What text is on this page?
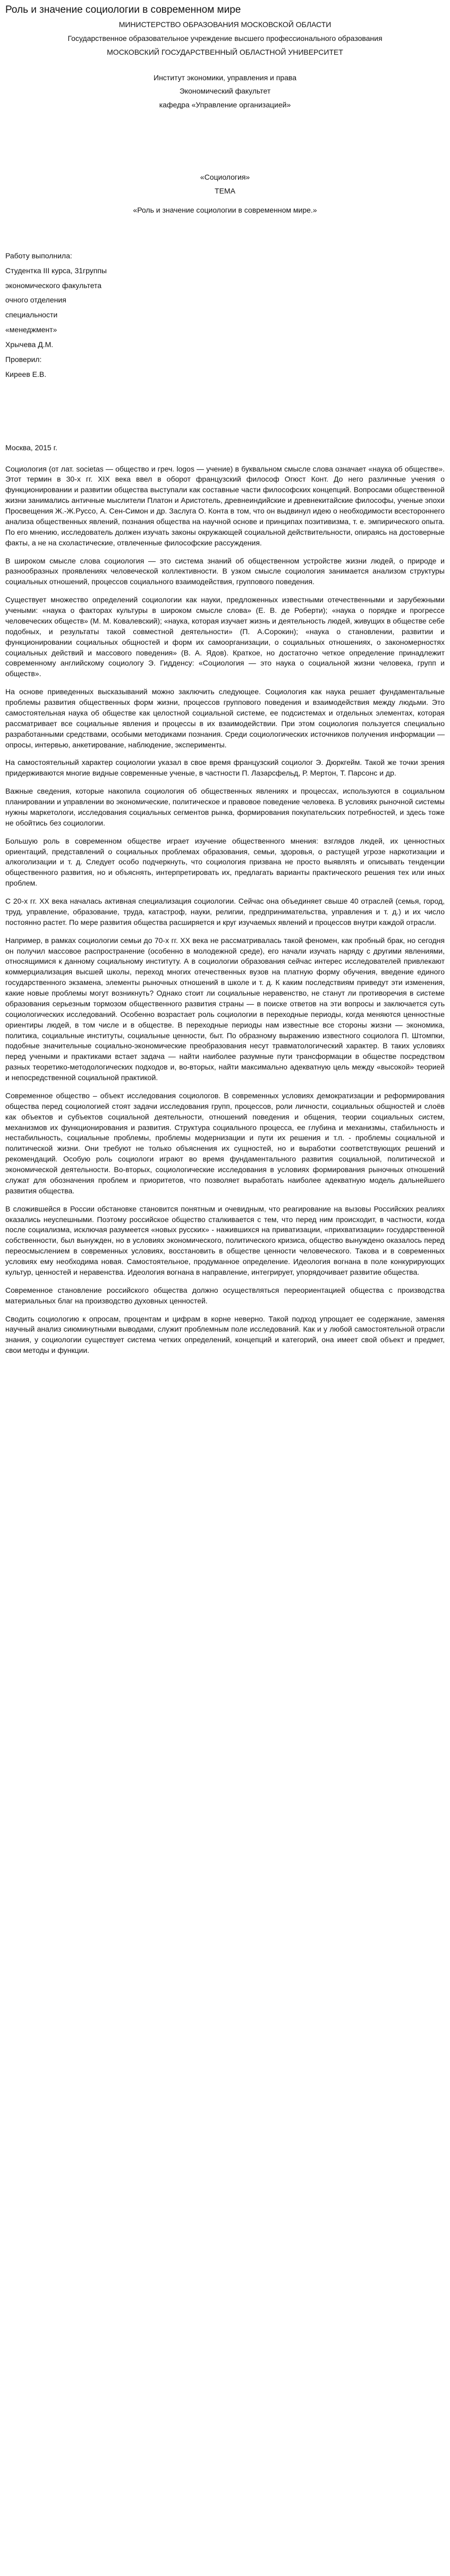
Роль и значение социологии в современном мире

МИНИСТЕРСТВО ОБРАЗОВАНИЯ МОСКОВСКОЙ ОБЛАСТИ

Государственное образовательное учреждение высшего профессионального образования

МОСКОВСКИЙ ГОСУДАРСТВЕННЫЙ ОБЛАСТНОЙ УНИВЕРСИТЕТ

Институт экономики, управления и права

Экономический факультет

кафедра «Управление организацией»

«Социология»

ТЕМА

«Роль и значение социологии в современном мире.»

Работу выполнила:

Студентка III курса, 31группы

экономического факультета

очного отделения

специальности

«менеджмент»

Хрычева Д.М.

Проверил:

Киреев Е.В.

Москва, 2015 г.

Социология (от лат. societas — общество и греч. logos — учение) в буквальном смысле слова означает «наука об обществе». Этот термин в 30-х гг. XIX века ввел в оборот французский философ Огюст Конт. До него различные учения о функционировании и развитии общества выступали как составные части философских концепций. Вопросами общественной жизни занимались античные мыслители Платон и Аристотель, древнеиндийские и древнекитайские философы, ученые эпохи Просвещения Ж.-Ж.Руссо, А. Сен-Симон и др. Заслуга О. Конта в том, что он выдвинул идею о необходимости всестороннего анализа общественных явлений, познания общества на научной основе и принципах позитивизма, т. е. эмпирического опыта. По его мнению, исследователь должен изучать законы окружающей социальной действительности, опираясь на достоверные факты, а не на схоластические, отвлеченные философские рассуждения.

В широком смысле слова социология — это система знаний об общественном устройстве жизни людей, о природе и разнообразных проявлениях человеческой коллективности. В узком смысле социология занимается анализом структуры социальных отношений, процессов социального взаимодействия, группового поведения.

Существует множество определений социологии как науки, предложенных известными отечественными и зарубежными учеными: «наука о факторах культуры в широком смысле слова» (Е. В. де Роберти); «наука о порядке и прогрессе человеческих обществ» (М. М. Ковалевский); «наука, которая изучает жизнь и деятельность людей, живущих в обществе себе подобных, и результаты такой совместной деятельности» (П. А.Сорокин); «наука о становлении, развитии и функционировании социальных общностей и форм их самоорганизации, о социальных отношениях, о закономерностях социальных действий и массового поведения» (В. А. Ядов). Краткое, но достаточно четкое определение принадлежит современному английскому социологу Э. Гидденсу: «Социология — это наука о социальной жизни человека, групп и обществ».

На основе приведенных высказываний можно заключить следующее. Социология как наука решает фундаментальные проблемы развития общественных форм жизни, процессов группового поведения и взаимодействия между людьми. Это самостоятельная наука об обществе как целостной социальной системе, ее подсистемах и отдельных элементах, которая рассматривает все социальные явления и процессы в их взаимодействии. При этом социология пользуется специально разработанными средствами, особыми методиками познания. Среди социологических источников получения информации — опросы, интервью, анкетирование, наблюдение, эксперименты.

На самостоятельный характер социологии указал в свое время французский социолог Э. Дюркгейм. Такой же точки зрения придерживаются многие видные современные ученые, в частности П. Лазарсфельд, Р. Мертон, Т. Парсонс и др.

Важные сведения, которые накопила социология об общественных явлениях и процессах, используются в социальном планировании и управлении во экономические, политическое и правовое поведение человека. В условиях рыночной системы нужны маркетологи, исследования социальных сегментов рынка, формирования покупательских потребностей, и здесь тоже не обойтись без социологии.

Большую роль в современном обществе играет изучение общественного мнения: взглядов людей, их ценностных ориентаций, представлений о социальных проблемах образования, семьи, здоровья, о растущей угрозе наркотизации и алкоголизации и т. д. Следует особо подчеркнуть, что социология призвана не просто выявлять и описывать тенденции общественного развития, но и объяснять, интерпретировать их, предлагать варианты практического решения тех или иных проблем.

С 20-х гг. XX века началась активная специализация социологии. Сейчас она объединяет свыше 40 отраслей (семья, город, труд, управление, образование, труда, катастроф, науки, религии, предпринимательства, управления и т. д.) и их число постоянно растет. По мере развития общества расширяется и круг изучаемых явлений и процессов внутри каждой отрасли.

Например, в рамках социологии семьи до 70-х гг. XX века не рассматривалась такой феномен, как пробный брак, но сегодня он получил массовое распространение (особенно в молодежной среде), его начали изучать наряду с другими явлениями, относящимися к данному социальному институту. А в социологии образования сейчас интерес исследователей привлекают коммерциализация высшей школы, переход многих отечественных вузов на платную форму обучения, введение единого государственного экзамена, элементы рыночных отношений в школе и т. д. К каким последствиям приведут эти изменения, какие новые проблемы могут возникнуть? Однако стоит ли социальные неравенство, не станут ли противоречия в системе образования серьезным тормозом общественного развития страны — в поиске ответов на эти вопросы и заключается суть социологических исследований. Особенно возрастает роль социологии в переходные периоды, когда меняются ценностные ориентиры людей, в том числе и в обществе. В переходные периоды нам известные все стороны жизни — экономика, политика, социальные институты, социальные ценности, быт. По образному выражению известного социолога П. Штомпки, подобные значительные социально-экономические преобразования несут травматологический характер. В таких условиях перед учеными и практиками встает задача — найти наиболее разумные пути трансформации в обществе посредством разных теоретико-методологических подходов и, во-вторых, найти максимально адекватную цель между «высокой» теорией и непосредственной социальной практикой.

Современное общество – объект исследования социологов. В современных условиях демократизации и реформирования общества перед социологией стоят задачи исследования групп, процессов, роли личности, социальных общностей и слоёв как объектов и субъектов социальной деятельности, отношений поведения и общения, теории социальных систем, механизмов их функционирования и развития. Структура социального процесса, ее глубина и механизмы, стабильность и нестабильность, социальные проблемы, проблемы модернизации и пути их решения и т.п. - проблемы социальной и политической жизни. Они требуют не только объяснения их сущностей, но и выработки соответствующих решений и рекомендаций. Особую роль социологи играют во время фундаментального развития социальной, политической и экономической деятельности. Во-вторых, социологические исследования в условиях формирования рыночных отношений служат для обозначения проблем и приоритетов, что позволяет выработать наиболее адекватную модель дальнейшего развития общества.

В сложившейся в России обстановке становится понятным и очевидным, что реагирование на вызовы Российских реалиях оказались неуспешными. Поэтому российское общество сталкивается с тем, что перед ним происходит, в частности, когда после социализма, исключая разумеется «новых русских» - нажившихся на приватизации, «прихватизации» государственной собственности, был вынужден, но в условиях экономического, политического кризиса, общество вынуждено оказалось перед переосмыслением в современных условиях, восстановить в обществе ценности человеческого. Такова и в современных условиях ему необходима новая. Самостоятельное, продуманное определение. Идеология вогнана в поле конкурирующих культур, ценностей и неравенства. Идеология вогнана в направление, интегрирует, упорядочивает развитие общества.

Современное становление российского общества должно осуществляться переориентацией общества с производства материальных благ на производство духовных ценностей.

Сводить социологию к опросам, процентам и цифрам в корне неверно. Такой подход упрощает ее содержание, заменяя научный анализ сиюминутными выводами, служит проблемным поле исследований. Как и у любой самостоятельной отрасли знания, у социологии существует система четких определений, концепций и категорий, она имеет свой объект и предмет, свои методы и функции.
